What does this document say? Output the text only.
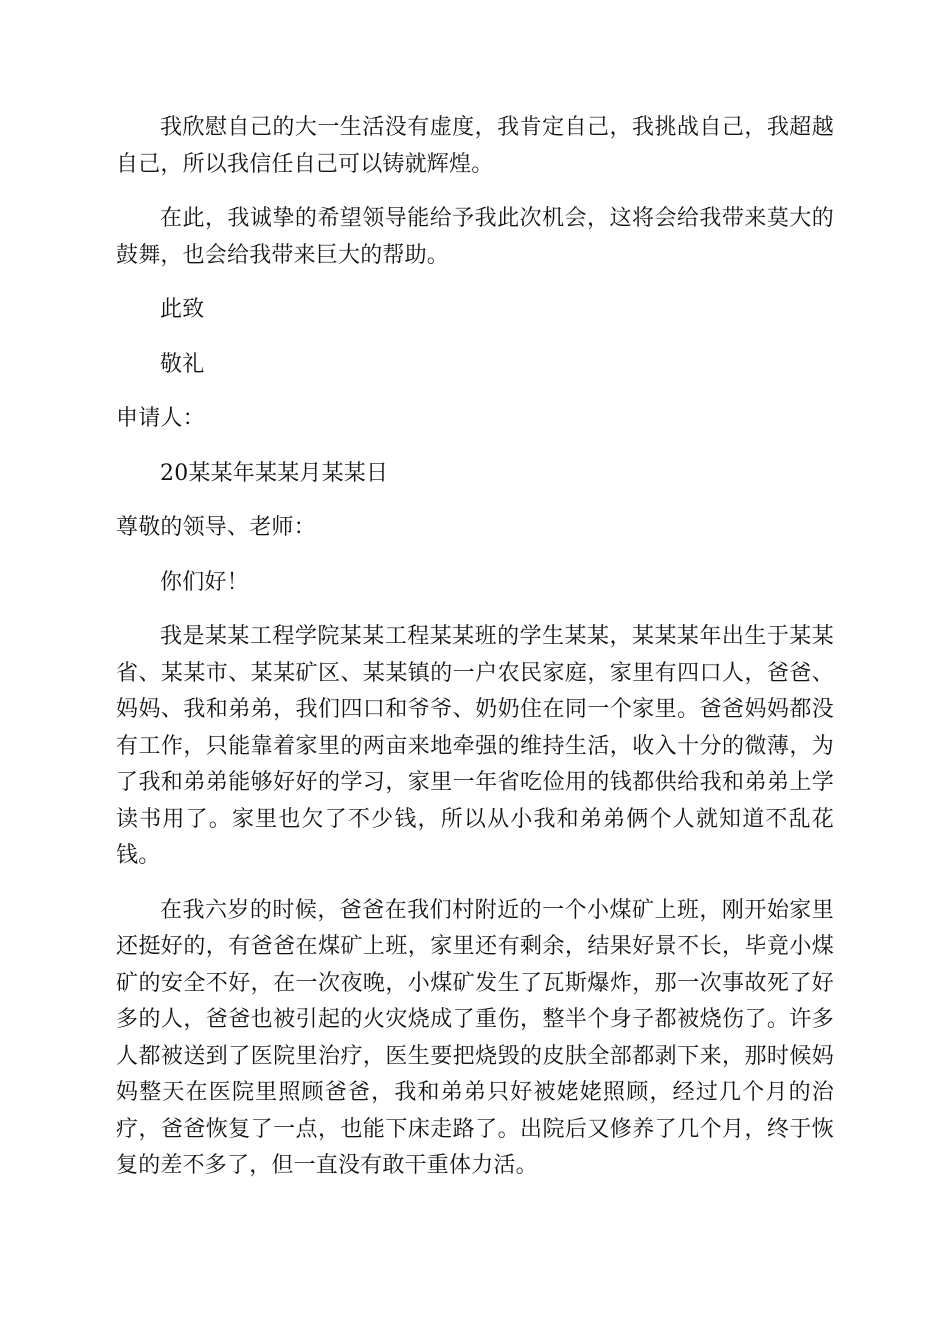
我欣慰自己的大一生活没有虚度，我肯定自己，我挑战自己，我超越自己，所以我信任自己可以铸就辉煌。

在此，我诚挚的希望领导能给予我此次机会，这将会给我带来莫大的鼓舞，也会给我带来巨大的帮助。

此致

敬礼

申请人：

20某某年某某月某某日

尊敬的领导、老师：

你们好！

我是某某工程学院某某工程某某班的学生某某，某某某年出生于某某省、某某市、某某矿区、某某镇的一户农民家庭，家里有四口人，爸爸、妈妈、我和弟弟，我们四口和爷爷、奶奶住在同一个家里。爸爸妈妈都没有工作，只能靠着家里的两亩来地牵强的维持生活，收入十分的微薄，为了我和弟弟能够好好的学习，家里一年省吃俭用的钱都供给我和弟弟上学读书用了。家里也欠了不少钱，所以从小我和弟弟俩个人就知道不乱花钱。

在我六岁的时候，爸爸在我们村附近的一个小煤矿上班，刚开始家里还挺好的，有爸爸在煤矿上班，家里还有剩余，结果好景不长，毕竟小煤矿的安全不好，在一次夜晚，小煤矿发生了瓦斯爆炸，那一次事故死了好多的人，爸爸也被引起的火灾烧成了重伤，整半个身子都被烧伤了。许多人都被送到了医院里治疗，医生要把烧毁的皮肤全部都剥下来，那时候妈妈整天在医院里照顾爸爸，我和弟弟只好被姥姥照顾，经过几个月的治疗，爸爸恢复了一点，也能下床走路了。出院后又修养了几个月，终于恢复的差不多了，但一直没有敢干重体力活。
